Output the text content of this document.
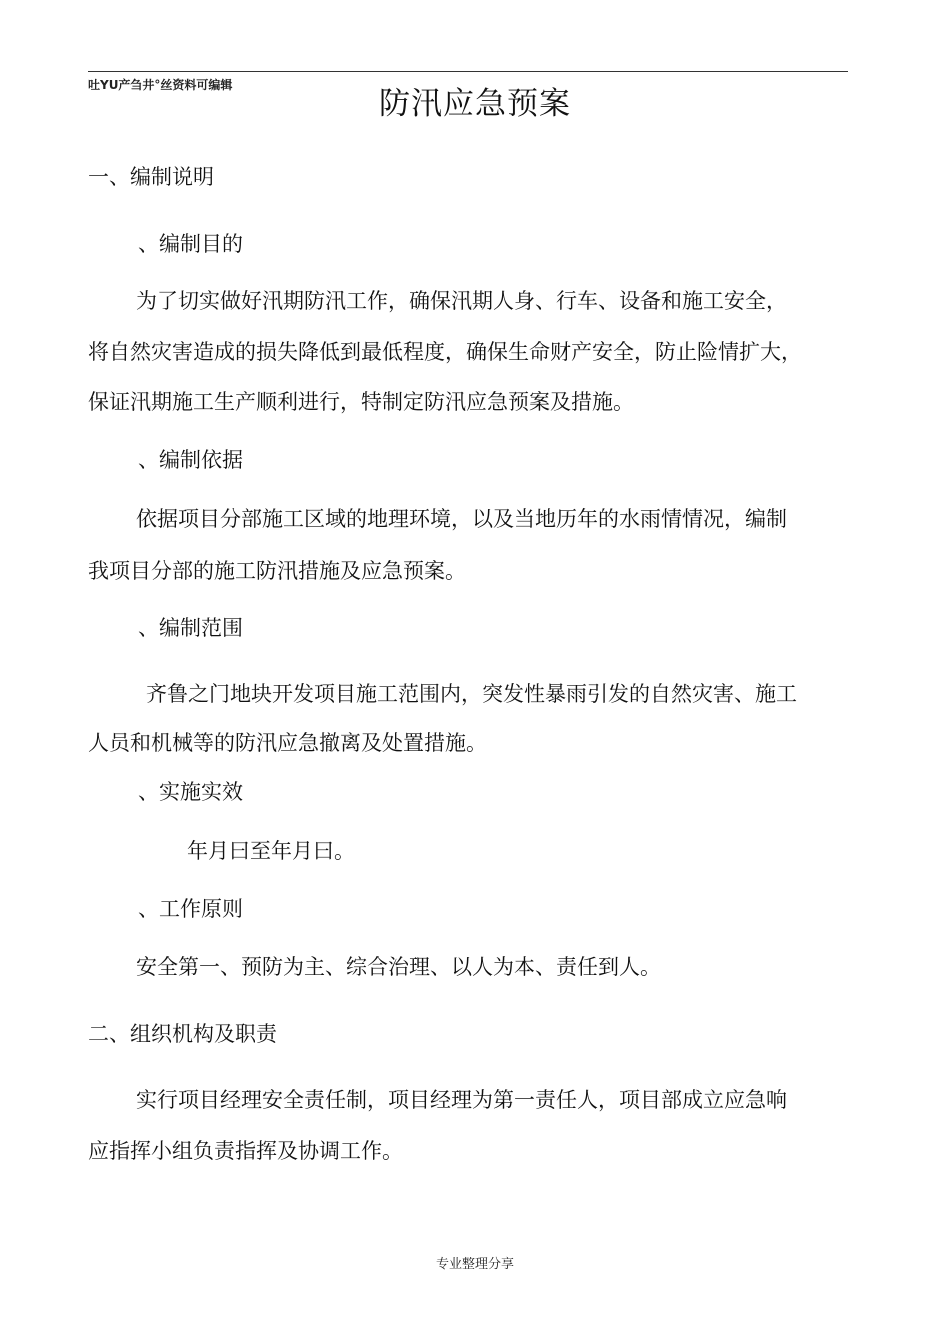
吐YU产刍井°丝资料可编辑
防汛应急预案
一、编制说明
、编制目的
为了切实做好汛期防汛工作，确保汛期人身、行车、设备和施工安全，
将自然灾害造成的损失降低到最低程度，确保生命财产安全，防止险情扩大，
保证汛期施工生产顺利进行，特制定防汛应急预案及措施。
、编制依据
依据项目分部施工区域的地理环境，以及当地历年的水雨情情况，编制
我项目分部的施工防汛措施及应急预案。
、编制范围
齐鲁之门地块开发项目施工范围内，突发性暴雨引发的自然灾害、施工
人员和机械等的防汛应急撤离及处置措施。
、实施实效
年月曰至年月曰。
、工作原则
安全第一、预防为主、综合治理、以人为本、责任到人。
二、组织机构及职责
实行项目经理安全责任制，项目经理为第一责任人，项目部成立应急响
应指挥小组负责指挥及协调工作。
专业整理分享
